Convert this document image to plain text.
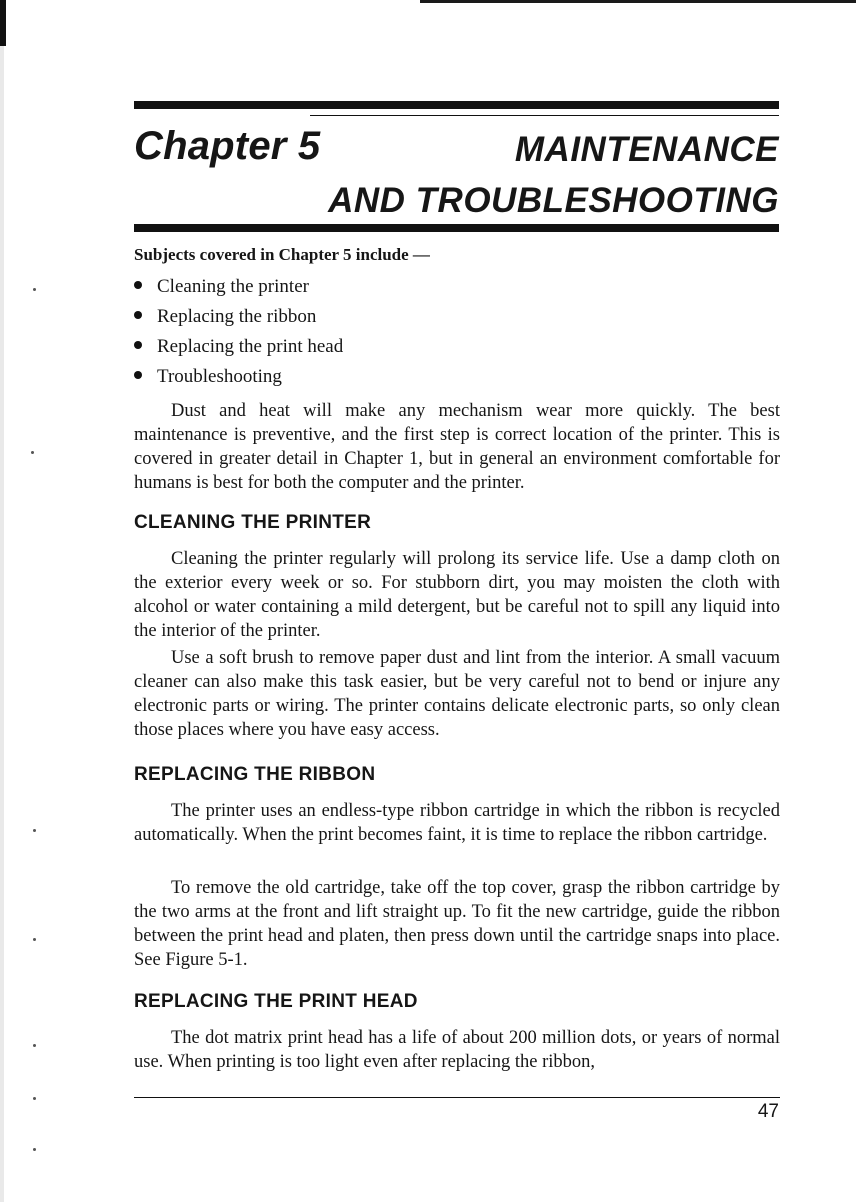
Chapter 5	MAINTENANCE
AND TROUBLESHOOTING
Subjects covered in Chapter 5 include —
Cleaning the printer
Replacing the ribbon
Replacing the print head
Troubleshooting

Dust and heat will make any mechanism wear more quickly. The best maintenance is preventive, and the first step is correct location of the printer. This is covered in greater detail in Chapter 1, but in general an environment comfortable for humans is best for both the computer and the printer.

CLEANING THE PRINTER

Cleaning the printer regularly will prolong its service life. Use a damp cloth on the exterior every week or so. For stubborn dirt, you may moisten the cloth with alcohol or water containing a mild detergent, but be careful not to spill any liquid into the interior of the printer.

Use a soft brush to remove paper dust and lint from the interior. A small vacuum cleaner can also make this task easier, but be very careful not to bend or injure any electronic parts or wiring. The printer contains delicate electronic parts, so only clean those places where you have easy access.

REPLACING THE RIBBON

The printer uses an endless-type ribbon cartridge in which the ribbon is recycled automatically. When the print becomes faint, it is time to replace the ribbon cartridge.

To remove the old cartridge, take off the top cover, grasp the ribbon cartridge by the two arms at the front and lift straight up. To fit the new cartridge, guide the ribbon between the print head and platen, then press down until the cartridge snaps into place. See Figure 5-1.

REPLACING THE PRINT HEAD

The dot matrix print head has a life of about 200 million dots, or years of normal use. When printing is too light even after replacing the ribbon,

47
